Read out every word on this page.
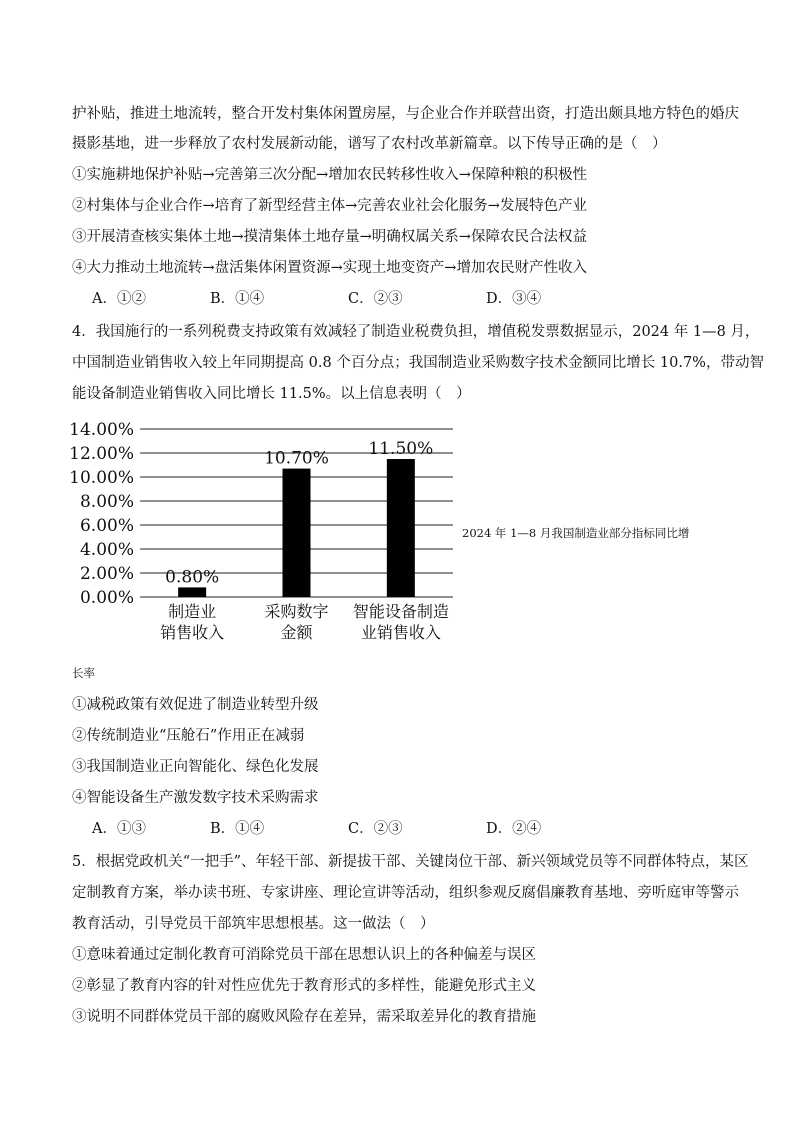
护补贴，推进土地流转，整合开发村集体闲置房屋，与企业合作并联营出资，打造出颇具地方特色的婚庆
摄影基地，进一步释放了农村发展新动能，谱写了农村改革新篇章。以下传导正确的是（　）
①实施耕地保护补贴→完善第三次分配→增加农民转移性收入→保障种粮的积极性
②村集体与企业合作→培育了新型经营主体→完善农业社会化服务→发展特色产业
③开展清查核实集体土地→摸清集体土地存量→明确权属关系→保障农民合法权益
④大力推动土地流转→盘活集体闲置资源→实现土地变资产→增加农民财产性收入
A．①②	B．①④	C．②③	D．③④
4．我国施行的一系列税费支持政策有效减轻了制造业税费负担，增值税发票数据显示，2024 年 1—8 月，
中国制造业销售收入较上年同期提高 0.8 个百分点；我国制造业采购数字技术金额同比增长 10.7%，带动智
能设备制造业销售收入同比增长 11.5%。以上信息表明（　）
0.00%
2.00%
4.00%
6.00%
8.00%
10.00%
12.00%
14.00%
0.80%
制造业
销售收入
10.70%
采购数字
金额
11.50%
智能设备制造
业销售收入
2024 年 1—8 月我国制造业部分指标同比增
长率
①减税政策有效促进了制造业转型升级
②传统制造业“压舱石”作用正在减弱
③我国制造业正向智能化、绿色化发展
④智能设备生产激发数字技术采购需求
A．①③	B．①④	C．②③	D．②④
5．根据党政机关“一把手”、年轻干部、新提拔干部、关键岗位干部、新兴领域党员等不同群体特点，某区
定制教育方案，举办读书班、专家讲座、理论宣讲等活动，组织参观反腐倡廉教育基地、旁听庭审等警示
教育活动，引导党员干部筑牢思想根基。这一做法（　）
①意味着通过定制化教育可消除党员干部在思想认识上的各种偏差与误区
②彰显了教育内容的针对性应优先于教育形式的多样性，能避免形式主义
③说明不同群体党员干部的腐败风险存在差异，需采取差异化的教育措施
